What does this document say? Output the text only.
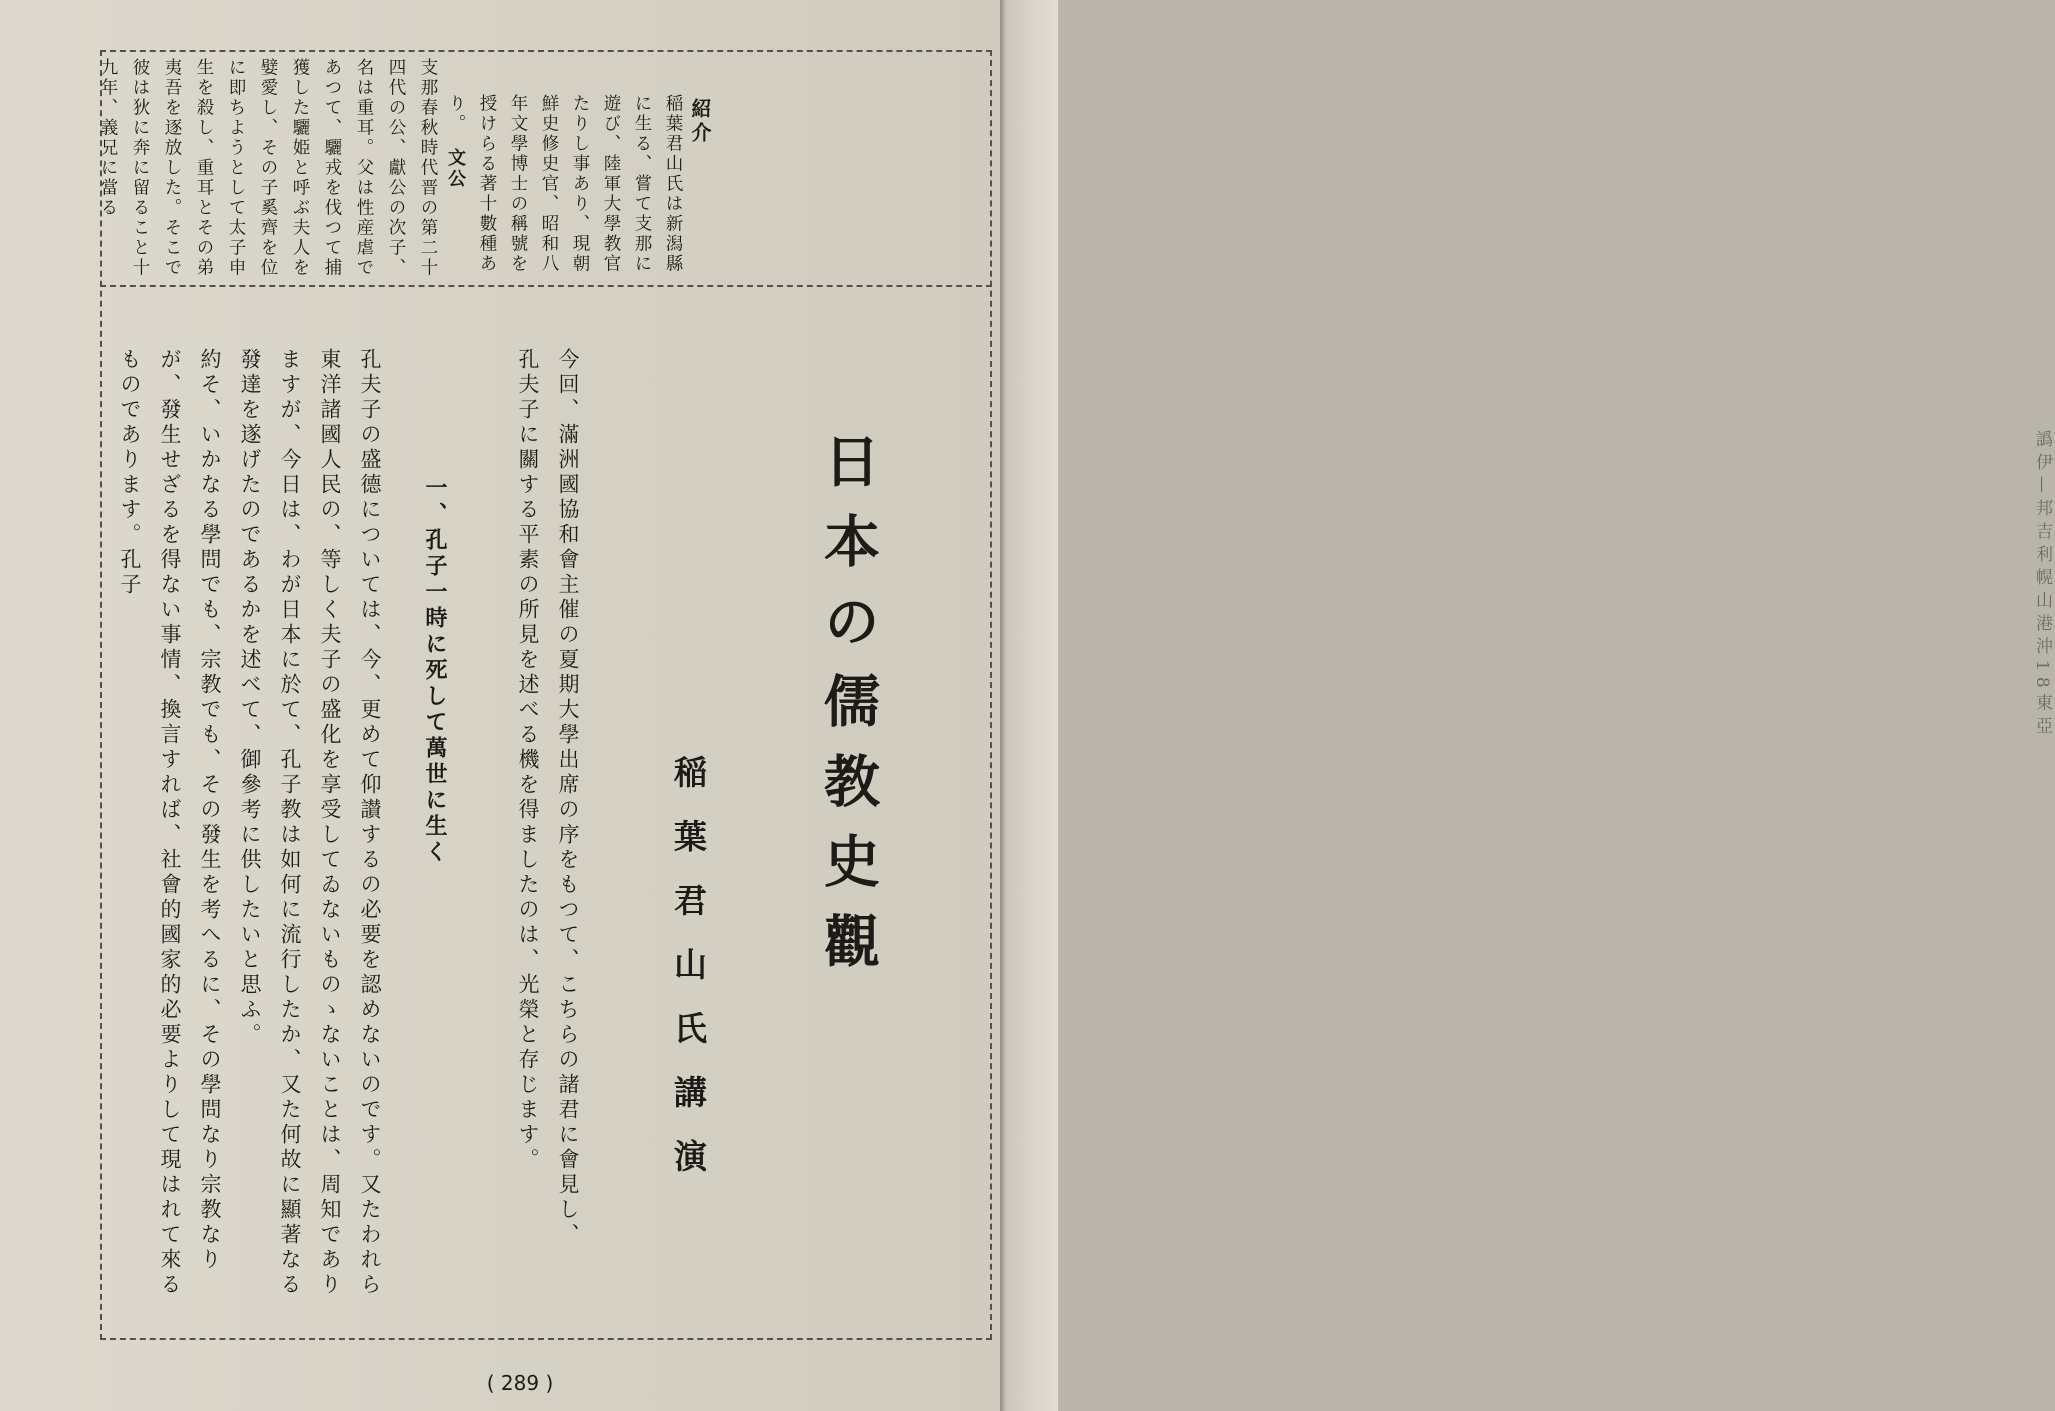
譌伊—邦吉利幌山港沖18東亞
紹介
稲葉君山氏は新潟縣に生る、嘗て支那に遊び、陸軍大學教官たりし事あり、現朝鮮史修史官、昭和八年文學博士の稱號を授けらる著十數種あり。
文公
支那春秋時代晋の第二十四代の公、獻公の次子、名は重耳。父は性産虐であつて、驪戎を伐つて捕獲した驪姫と呼ぶ夫人を嬖愛し、その子奚齊を位に即ちようとして太子申生を殺し、重耳とその弟夷吾を逐放した。そこで彼は狄に奔に留ること十九年、義兄に當る
日本の儒教史觀
稲葉君山氏講演
今回、滿洲國協和會主催の夏期大學出席の序をもつて、こちらの諸君に會見し、孔夫子に關する平素の所見を述べる機を得ましたのは、光榮と存じます。
一、孔子一時に死して萬世に生く
孔夫子の盛德については、今、更めて仰讃するの必要を認めないのです。又たわれら東洋諸國人民の、等しく夫子の盛化を享受してゐないものゝないことは、周知でありますが、今日は、わが日本に於て、孔子教は如何に流行したか、又た何故に顯著なる發達を遂げたのであるかを述べて、御參考に供したいと思ふ。
約そ、いかなる學問でも、宗教でも、その發生を考へるに、その學問なり宗教なりが、發生せざるを得ない事情、換言すれば、社會的國家的必要よりして現はれて來るものであります。孔子
( 289 )
